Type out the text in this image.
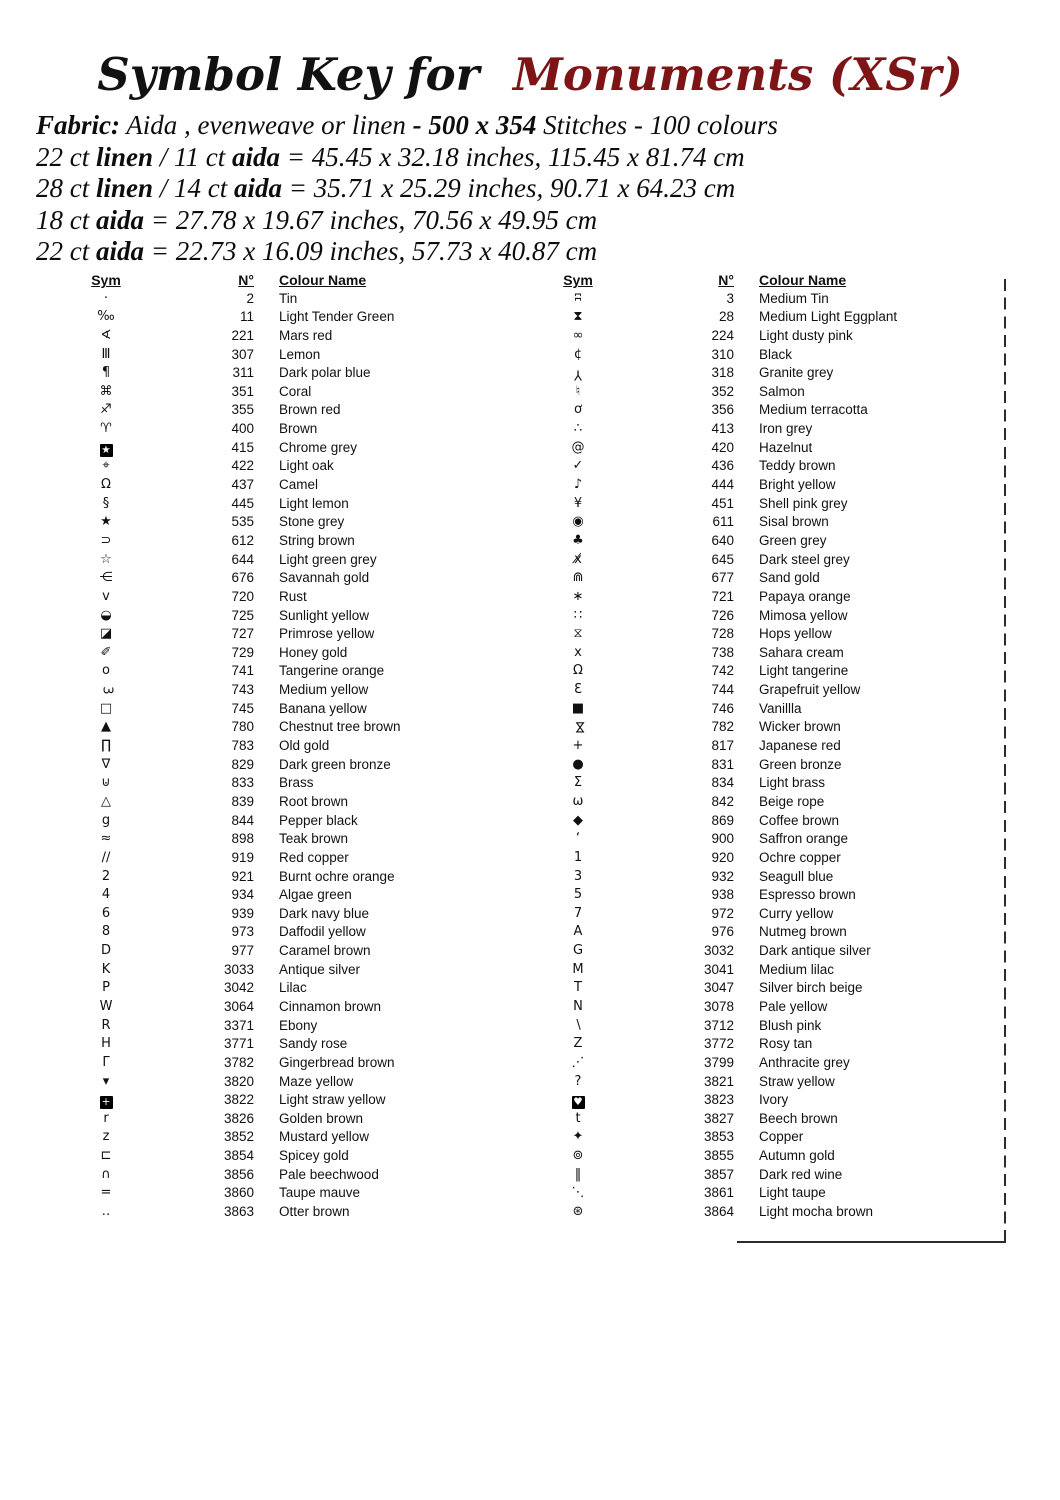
Symbol Key for Monuments (XSr)
Fabric: Aida , evenweave or linen - 500 x 354 Stitches - 100 colours
22 ct linen / 11 ct aida = 45.45 x 32.18 inches, 115.45 x 81.74 cm
28 ct linen / 14 ct aida = 35.71 x 25.29 inches, 90.71 x 64.23 cm
18 ct aida = 27.78 x 19.67 inches, 70.56 x 49.95 cm
22 ct aida = 22.73 x 16.09 inches, 57.73 x 40.87 cm
Sym	N°	Colour Name
·	2	Tin
‰	11	Light Tender Green
∢	221	Mars red
Ⅲ	307	Lemon
¶	311	Dark polar blue
⌘	351	Coral
♐	355	Brown red
♈	400	Brown
★	415	Chrome grey
⌖	422	Light oak
Ω	437	Camel
§	445	Light lemon
★	535	Stone grey
⊃	612	String brown
☆	644	Light green grey
⋲	676	Savannah gold
ᴠ	720	Rust
◒	725	Sunlight yellow
◪	727	Primrose yellow
✐	729	Honey gold
o	741	Tangerine orange
3	743	Medium yellow
□	745	Banana yellow
▲	780	Chestnut tree brown
∏	783	Old gold
∇	829	Dark green bronze
⊍	833	Brass
△	839	Root brown
g	844	Pepper black
≈	898	Teak brown
∕∕	919	Red copper
2	921	Burnt ochre orange
4	934	Algae green
6	939	Dark navy blue
8	973	Daffodil yellow
D	977	Caramel brown
K	3033	Antique silver
P	3042	Lilac
W	3064	Cinnamon brown
R	3371	Ebony
H	3771	Sandy rose
Γ	3782	Gingerbread brown
▾	3820	Maze yellow
+	3822	Light straw yellow
r	3826	Golden brown
z	3852	Mustard yellow
⊏	3854	Spicey gold
∩	3856	Pale beechwood
=	3860	Taupe mauve
‥	3863	Otter brown
Sym	N°	Colour Name
ʭ	3	Medium Tin
⧗	28	Medium Light Eggplant
∞	224	Light dusty pink
¢	310	Black
Y	318	Granite grey
♮	352	Salmon
ơ	356	Medium terracotta
∴	413	Iron grey
@	420	Hazelnut
✓	436	Teddy brown
♪	444	Bright yellow
¥	451	Shell pink grey
◉	611	Sisal brown
♣	640	Green grey
x̸	645	Dark steel grey
⋒	677	Sand gold
∗	721	Papaya orange
∷	726	Mimosa yellow
⧖	728	Hops yellow
x	738	Sahara cream
Ω	742	Light tangerine
Ɛ	744	Grapefruit yellow
■	746	Vanillla
⋈	782	Wicker brown
+	817	Japanese red
●	831	Green bronze
Σ	834	Light brass
ω	842	Beige rope
◆	869	Coffee brown
‘	900	Saffron orange
1	920	Ochre copper
3	932	Seagull blue
5	938	Espresso brown
7	972	Curry yellow
A	976	Nutmeg brown
G	3032	Dark antique silver
M	3041	Medium lilac
T	3047	Silver birch beige
N	3078	Pale yellow
∖	3712	Blush pink
Z	3772	Rosy tan
⋰	3799	Anthracite grey
?	3821	Straw yellow
♥	3823	Ivory
t	3827	Beech brown
✦	3853	Copper
⊚	3855	Autumn gold
‖	3857	Dark red wine
⋱	3861	Light taupe
⊛	3864	Light mocha brown
